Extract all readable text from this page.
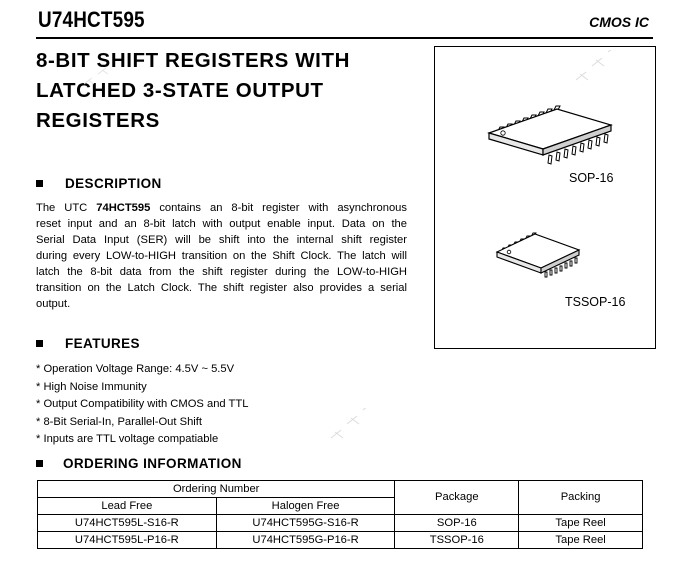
U74HCT595	CMOS IC
8-BIT SHIFT REGISTERS WITH
LATCHED 3-STATE OUTPUT
REGISTERS
DESCRIPTION
The UTC 74HCT595 contains an 8-bit register with asynchronous
reset input and an 8-bit latch with output enable input. Data on the
Serial Data Input (SER) will be shift into the internal shift register
during every LOW-to-HIGH transition on the Shift Clock. The latch will
latch the 8-bit data from the shift register during the LOW-to-HIGH
transition on the Latch Clock. The shift register also provides a serial
output.
SOP-16
TSSOP-16
FEATURES
* Operation Voltage Range: 4.5V ~ 5.5V
* High Noise Immunity
* Output Compatibility with CMOS and TTL
* 8-Bit Serial-In, Parallel-Out Shift
* Inputs are TTL voltage compatiable
ORDERING INFORMATION
Ordering Number		Package	Packing
Lead Free	Halogen Free		
U74HCT595L-S16-R	U74HCT595G-S16-R	SOP-16	Tape Reel
U74HCT595L-P16-R	U74HCT595G-P16-R	TSSOP-16	Tape Reel
